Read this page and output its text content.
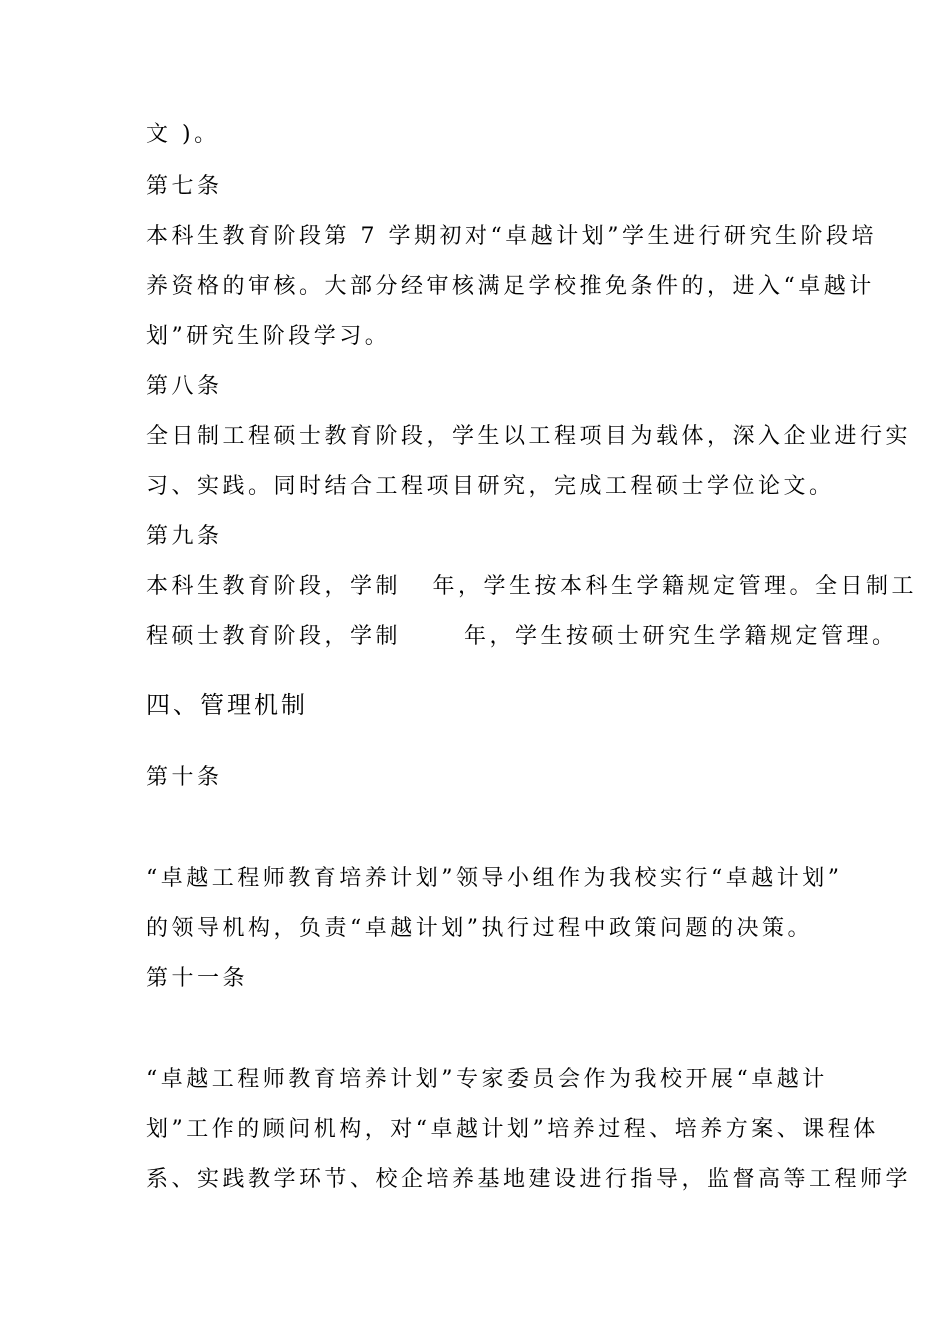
文 )。
第七条
本科生教育阶段第 7 学期初对“卓越计划”学生进行研究生阶段培
养资格的审核。大部分经审核满足学校推免条件的，进入“卓越计
划”研究生阶段学习。
第八条
全日制工程硕士教育阶段，学生以工程项目为载体，深入企业进行实
习、实践。同时结合工程项目研究，完成工程硕士学位论文。
第九条
本科生教育阶段，学制   年，学生按本科生学籍规定管理。全日制工
程硕士教育阶段，学制      年，学生按硕士研究生学籍规定管理。
四、管理机制
第十条
“卓越工程师教育培养计划”领导小组作为我校实行“卓越计划”
的领导机构，负责“卓越计划”执行过程中政策问题的决策。
第十一条
“卓越工程师教育培养计划”专家委员会作为我校开展“卓越计
划”工作的顾问机构，对“卓越计划”培养过程、培养方案、课程体
系、实践教学环节、校企培养基地建设进行指导，监督高等工程师学
